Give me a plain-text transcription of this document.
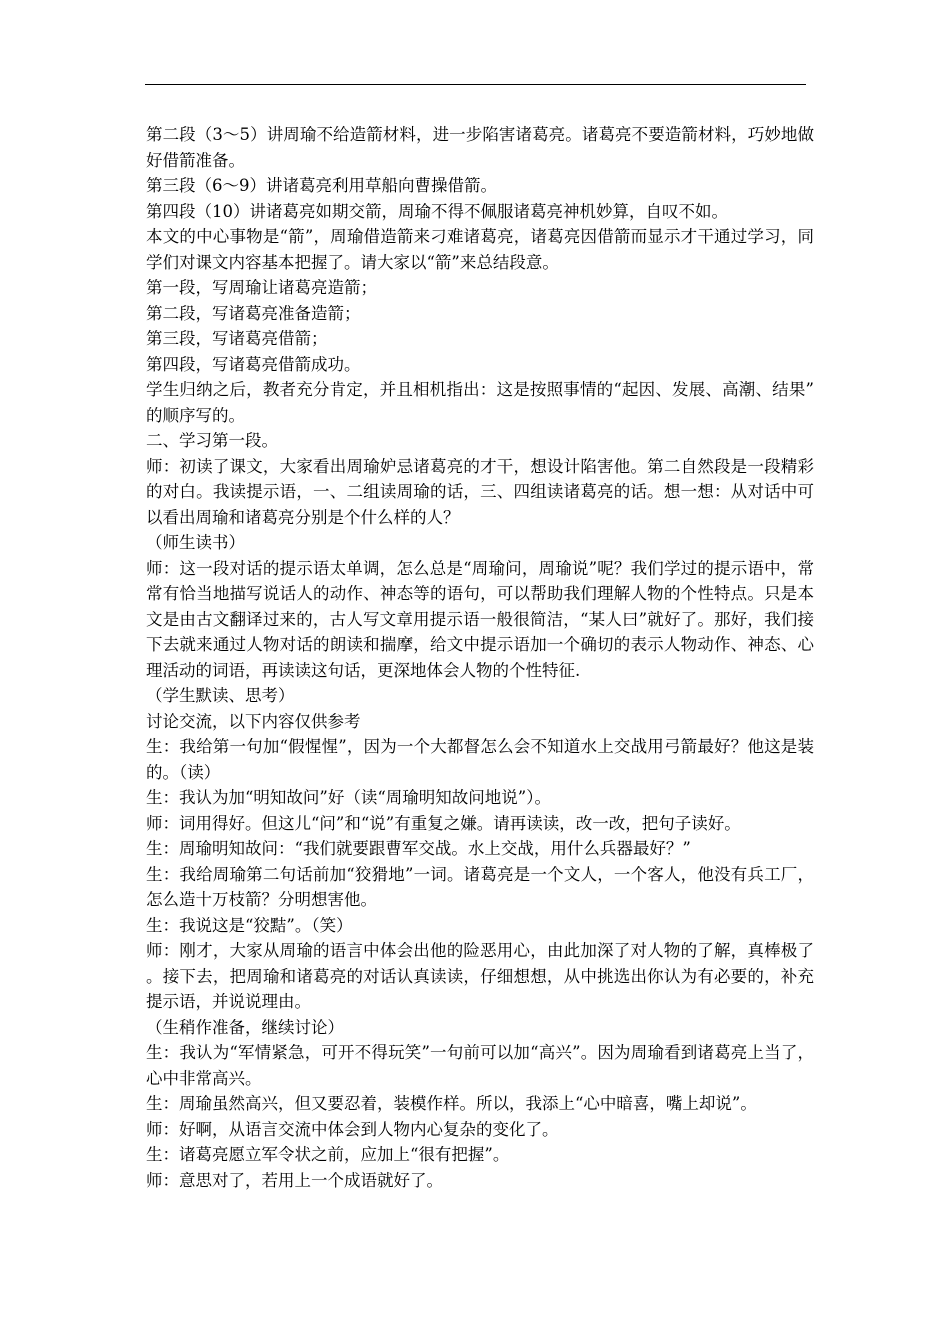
第二段（3～5）讲周瑜不给造箭材料，进一步陷害诸葛亮。诸葛亮不要造箭材料，巧妙地做好借箭准备。

第三段（6～9）讲诸葛亮利用草船向曹操借箭。

第四段（10）讲诸葛亮如期交箭，周瑜不得不佩服诸葛亮神机妙算，自叹不如。

本文的中心事物是“箭”，周瑜借造箭来刁难诸葛亮，诸葛亮因借箭而显示才干通过学习，同学们对课文内容基本把握了。请大家以“箭”来总结段意。

第一段，写周瑜让诸葛亮造箭；

第二段，写诸葛亮准备造箭；

第三段，写诸葛亮借箭；

第四段，写诸葛亮借箭成功。

学生归纳之后，教者充分肯定，并且相机指出：这是按照事情的“起因、发展、高潮、结果”的顺序写的。

二、学习第一段。

师：初读了课文，大家看出周瑜妒忌诸葛亮的才干，想设计陷害他。第二自然段是一段精彩的对白。我读提示语，一、二组读周瑜的话，三、四组读诸葛亮的话。想一想：从对话中可以看出周瑜和诸葛亮分别是个什么样的人？

（师生读书）

师：这一段对话的提示语太单调，怎么总是“周瑜问，周瑜说”呢？我们学过的提示语中，常常有恰当地描写说话人的动作、神态等的语句，可以帮助我们理解人物的个性特点。只是本文是由古文翻译过来的，古人写文章用提示语一般很简洁，“某人曰”就好了。那好，我们接下去就来通过人物对话的朗读和揣摩，给文中提示语加一个确切的表示人物动作、神态、心理活动的词语，再读读这句话，更深地体会人物的个性特征.

（学生默读、思考）

讨论交流，以下内容仅供参考

生：我给第一句加“假惺惺”，因为一个大都督怎么会不知道水上交战用弓箭最好？他这是装的。（读）

生：我认为加“明知故问”好（读“周瑜明知故问地说”）。

师：词用得好。但这儿“问”和“说”有重复之嫌。请再读读，改一改，把句子读好。

生：周瑜明知故问：“我们就要跟曹军交战。水上交战，用什么兵器最好？”

生：我给周瑜第二句话前加“狡猾地”一词。诸葛亮是一个文人，一个客人，他没有兵工厂，怎么造十万枝箭？分明想害他。

生：我说这是“狡黠”。（笑）

师：刚才，大家从周瑜的语言中体会出他的险恶用心，由此加深了对人物的了解，真棒极了。接下去，把周瑜和诸葛亮的对话认真读读，仔细想想，从中挑选出你认为有必要的，补充提示语，并说说理由。

（生稍作准备，继续讨论）

生：我认为“军情紧急，可开不得玩笑”一句前可以加“高兴”。因为周瑜看到诸葛亮上当了，心中非常高兴。

生：周瑜虽然高兴，但又要忍着，装模作样。所以，我添上“心中暗喜，嘴上却说”。

师：好啊，从语言交流中体会到人物内心复杂的变化了。

生：诸葛亮愿立军令状之前，应加上“很有把握”。

师：意思对了，若用上一个成语就好了。
